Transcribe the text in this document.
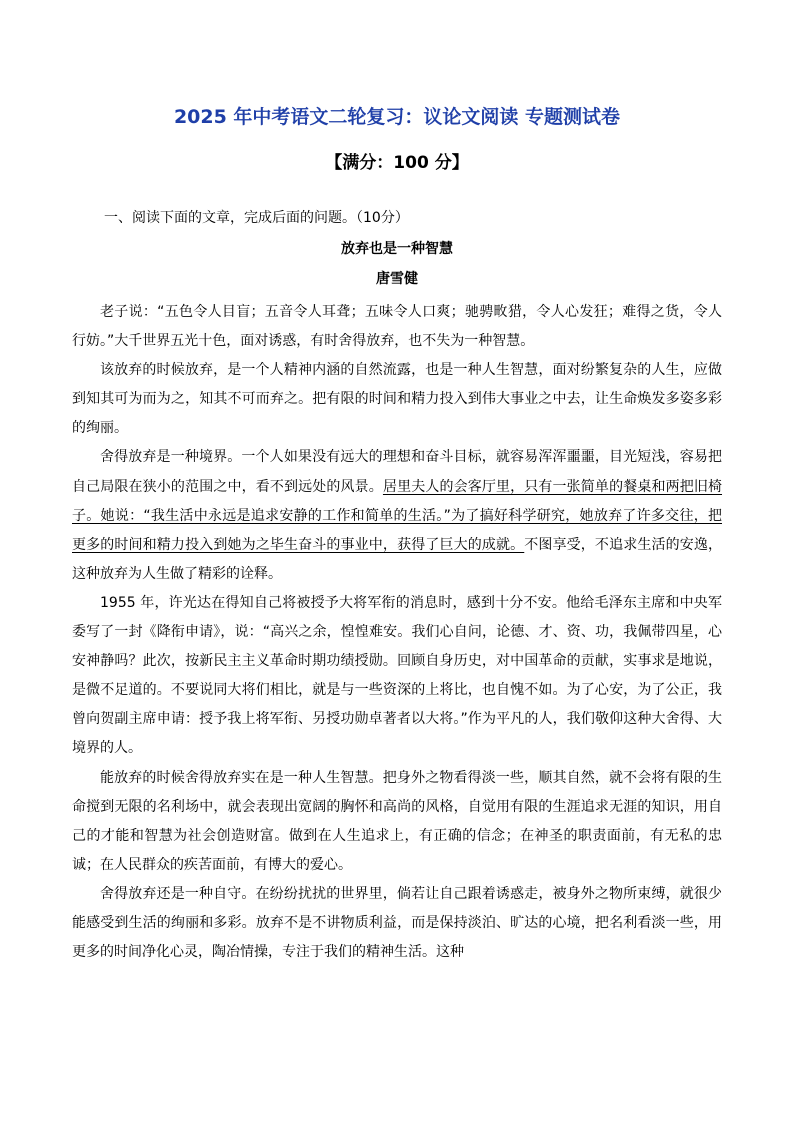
2025 年中考语文二轮复习：议论文阅读 专题测试卷
【满分：100 分】
一、阅读下面的文章，完成后面的问题。（10分）
放弃也是一种智慧
唐雪健

老子说：“五色令人目盲；五音令人耳聋；五味令人口爽；驰骋畋猎，令人心发狂；难得之货，令人行妨。”大千世界五光十色，面对诱惑，有时舍得放弃，也不失为一种智慧。

该放弃的时候放弃，是一个人精神内涵的自然流露，也是一种人生智慧，面对纷繁复杂的人生，应做到知其可为而为之，知其不可而弃之。把有限的时间和精力投入到伟大事业之中去，让生命焕发多姿多彩的绚丽。

舍得放弃是一种境界。一个人如果没有远大的理想和奋斗目标，就容易浑浑噩噩，目光短浅，容易把自己局限在狭小的范围之中，看不到远处的风景。居里夫人的会客厅里，只有一张简单的餐桌和两把旧椅子。她说：“我生活中永远是追求安静的工作和简单的生活。”为了搞好科学研究，她放弃了许多交往，把更多的时间和精力投入到她为之毕生奋斗的事业中，获得了巨大的成就。不图享受，不追求生活的安逸，这种放弃为人生做了精彩的诠释。

1955 年，许光达在得知自己将被授予大将军衔的消息时，感到十分不安。他给毛泽东主席和中央军委写了一封《降衔申请》，说：“高兴之余，惶惶难安。我们心自问，论德、才、资、功，我佩带四星，心安神静吗？此次，按新民主主义革命时期功绩授勋。回顾自身历史，对中国革命的贡献，实事求是地说，是微不足道的。不要说同大将们相比，就是与一些资深的上将比，也自愧不如。为了心安，为了公正，我曾向贺副主席申请：授予我上将军衔、另授功勋卓著者以大将。”作为平凡的人，我们敬仰这种大舍得、大境界的人。

能放弃的时候舍得放弃实在是一种人生智慧。把身外之物看得淡一些，顺其自然，就不会将有限的生命搅到无限的名利场中，就会表现出宽阔的胸怀和高尚的风格，自觉用有限的生涯追求无涯的知识，用自己的才能和智慧为社会创造财富。做到在人生追求上，有正确的信念；在神圣的职责面前，有无私的忠诚；在人民群众的疾苦面前，有博大的爱心。

舍得放弃还是一种自守。在纷纷扰扰的世界里，倘若让自己跟着诱惑走，被身外之物所束缚，就很少能感受到生活的绚丽和多彩。放弃不是不讲物质利益，而是保持淡泊、旷达的心境，把名利看淡一些，用更多的时间净化心灵，陶冶情操，专注于我们的精神生活。这种
